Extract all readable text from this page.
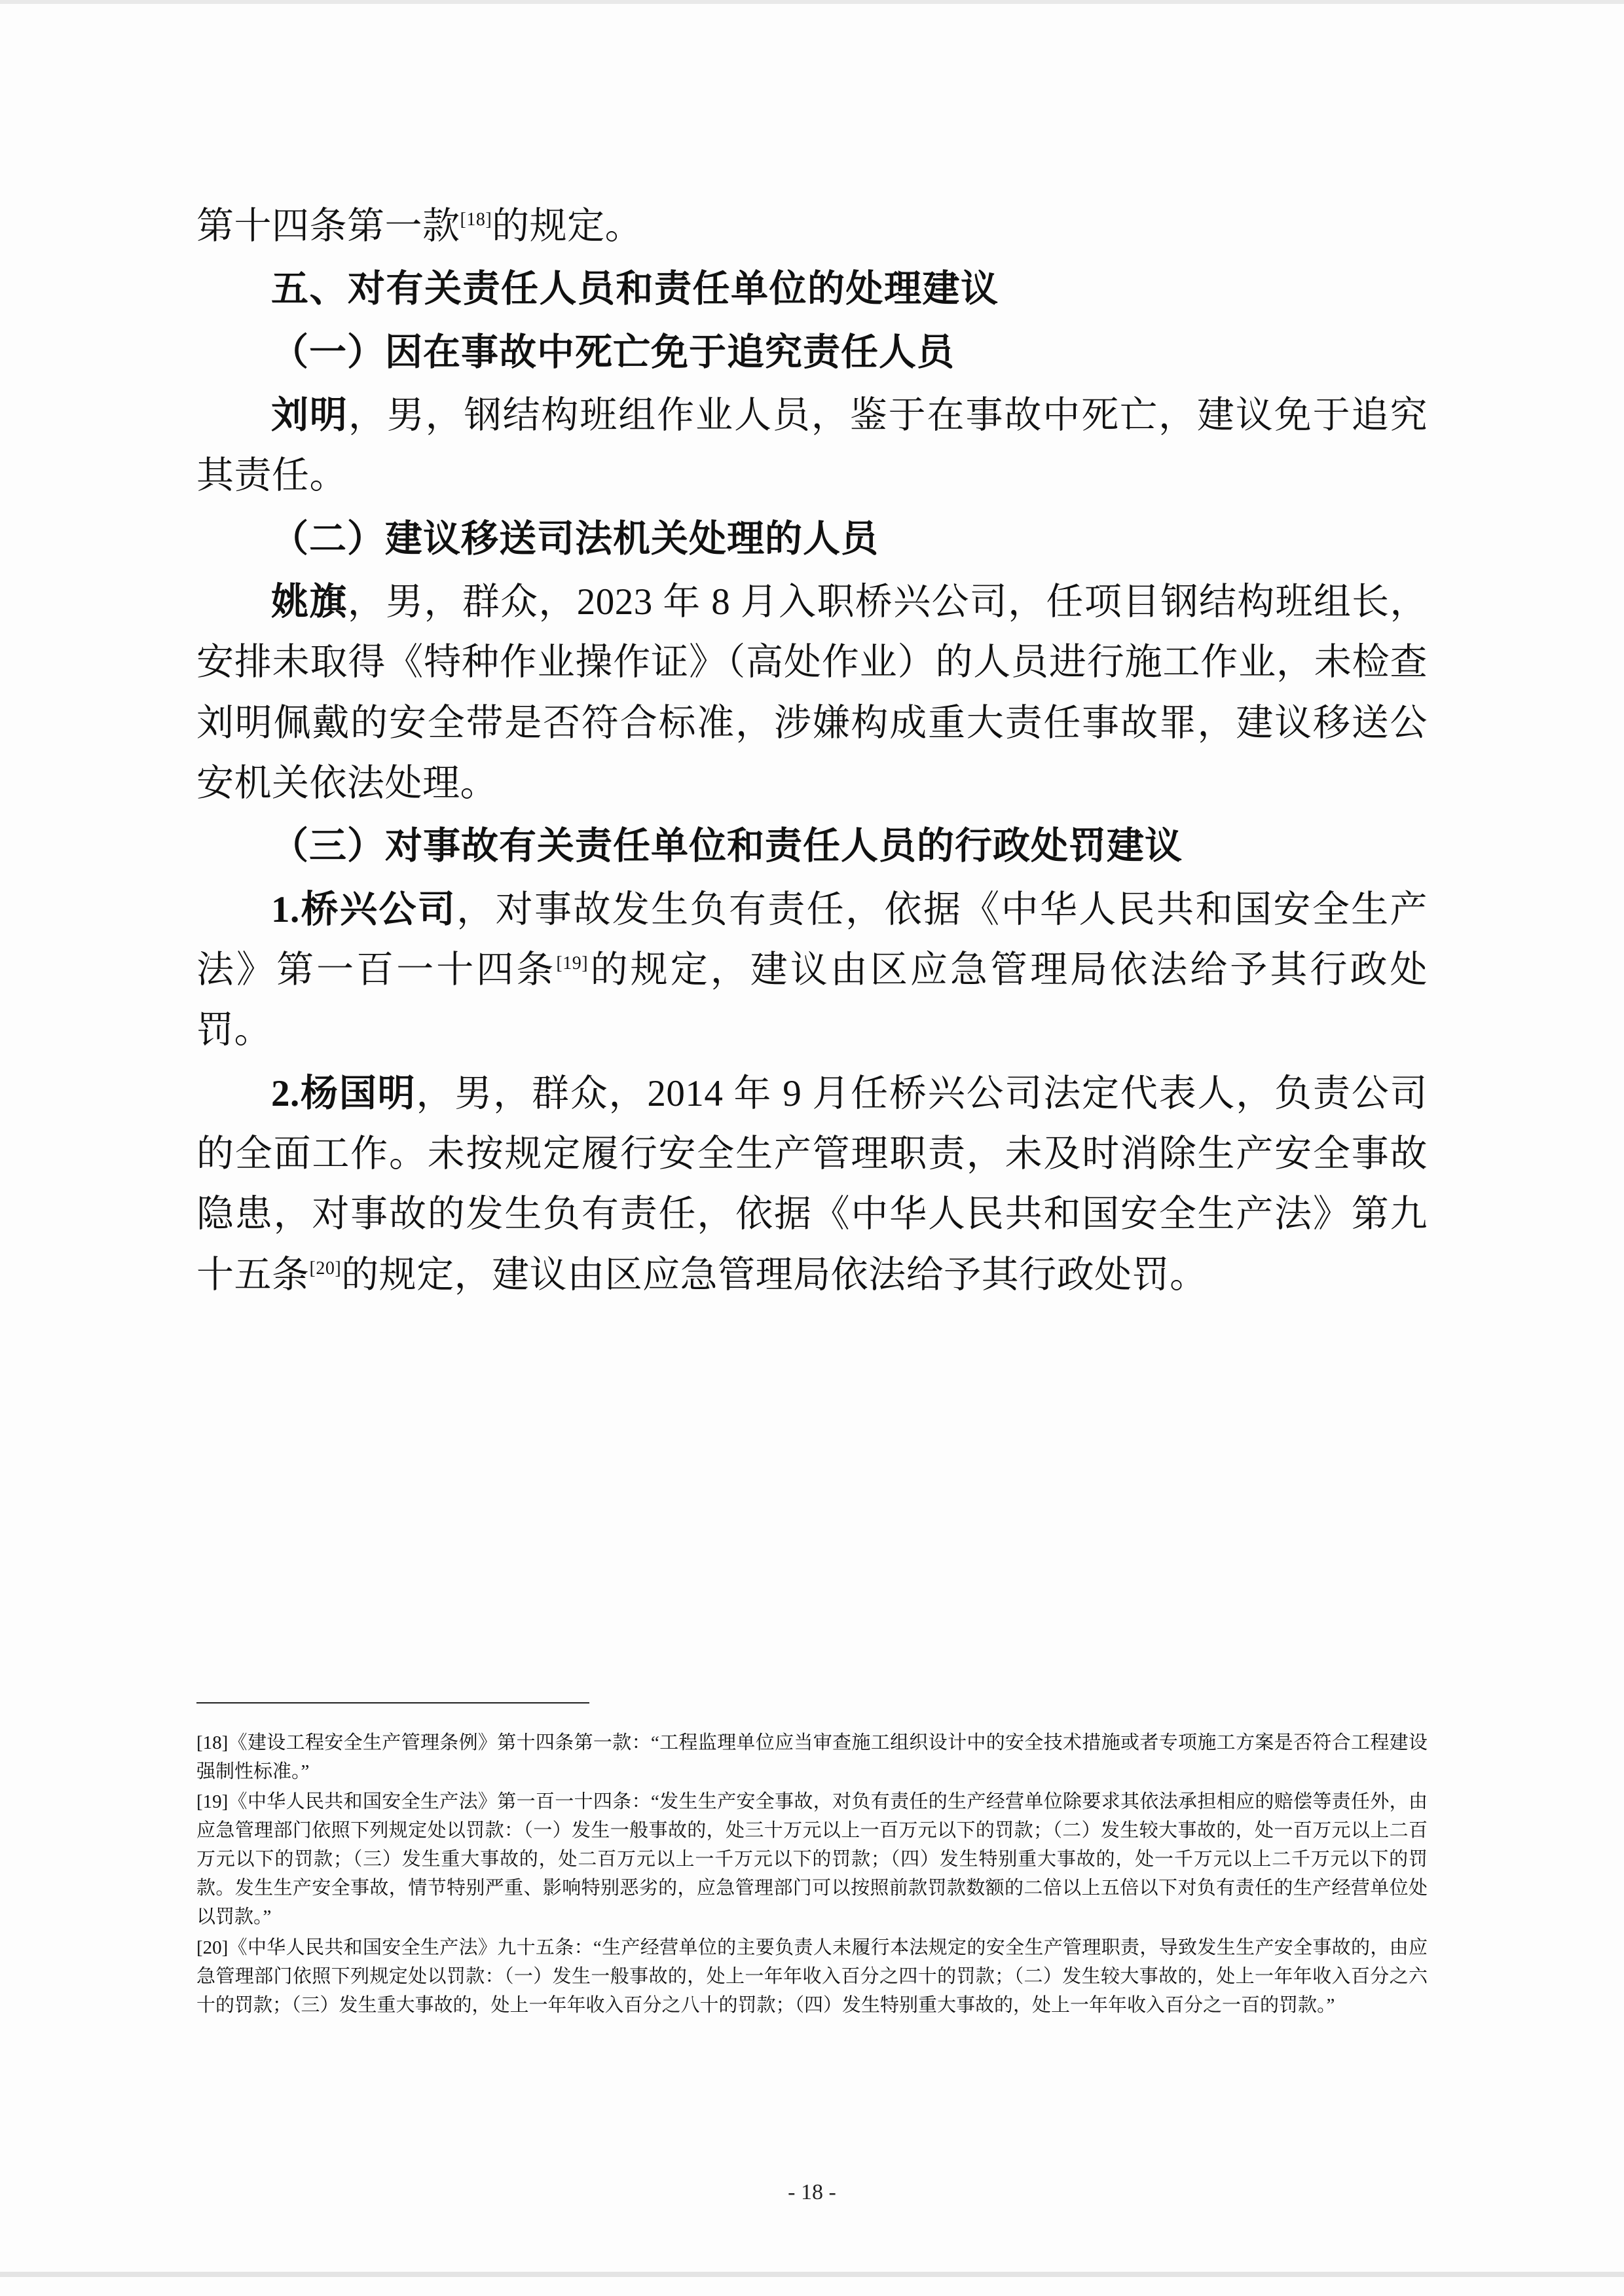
第十四条第一款[18]的规定。

五、对有关责任人员和责任单位的处理建议

（一）因在事故中死亡免于追究责任人员

刘明，男，钢结构班组作业人员，鉴于在事故中死亡，建议免于追究其责任。

（二）建议移送司法机关处理的人员

姚旗，男，群众，2023 年 8 月入职桥兴公司，任项目钢结构班组长，安排未取得《特种作业操作证》（高处作业）的人员进行施工作业，未检查刘明佩戴的安全带是否符合标准，涉嫌构成重大责任事故罪，建议移送公安机关依法处理。

（三）对事故有关责任单位和责任人员的行政处罚建议

1.桥兴公司，对事故发生负有责任，依据《中华人民共和国安全生产法》第一百一十四条[19]的规定，建议由区应急管理局依法给予其行政处罚。

2.杨国明，男，群众，2014 年 9 月任桥兴公司法定代表人，负责公司的全面工作。未按规定履行安全生产管理职责，未及时消除生产安全事故隐患，对事故的发生负有责任，依据《中华人民共和国安全生产法》第九十五条[20]的规定，建议由区应急管理局依法给予其行政处罚。

[18]《建设工程安全生产管理条例》第十四条第一款：“工程监理单位应当审查施工组织设计中的安全技术措施或者专项施工方案是否符合工程建设强制性标准。”

[19]《中华人民共和国安全生产法》第一百一十四条：“发生生产安全事故，对负有责任的生产经营单位除要求其依法承担相应的赔偿等责任外，由应急管理部门依照下列规定处以罚款：（一）发生一般事故的，处三十万元以上一百万元以下的罚款；（二）发生较大事故的，处一百万元以上二百万元以下的罚款；（三）发生重大事故的，处二百万元以上一千万元以下的罚款；（四）发生特别重大事故的，处一千万元以上二千万元以下的罚款。发生生产安全事故，情节特别严重、影响特别恶劣的，应急管理部门可以按照前款罚款数额的二倍以上五倍以下对负有责任的生产经营单位处以罚款。”

[20]《中华人民共和国安全生产法》九十五条：“生产经营单位的主要负责人未履行本法规定的安全生产管理职责，导致发生生产安全事故的，由应急管理部门依照下列规定处以罚款：（一）发生一般事故的，处上一年年收入百分之四十的罚款；（二）发生较大事故的，处上一年年收入百分之六十的罚款；（三）发生重大事故的，处上一年年收入百分之八十的罚款；（四）发生特别重大事故的，处上一年年收入百分之一百的罚款。”

- 18 -
